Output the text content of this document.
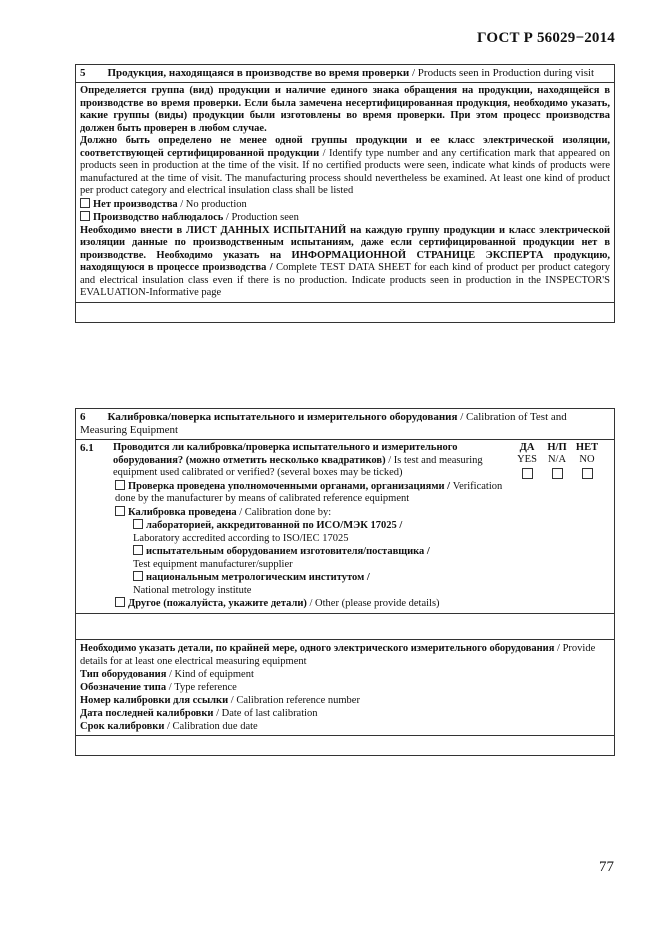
ГОСТ Р 56029−2014
5 Продукция, находящаяся в производстве во время проверки / Products seen in Production during visit

Определяется группа (вид) продукции и наличие единого знака обращения на продукции, находящейся в производстве во время проверки. Если была замечена несертифицированная продукция, необходимо указать, какие группы (виды) продукции были изготовлены во время проверки. При этом процесс производства должен быть проверен в любом случае.

Должно быть определено не менее одной группы продукции и ее класс электрической изоляции, соответствующей сертифицированной продукции / Identify type number and any certification mark that appeared on products seen in production at the time of the visit. If no certified products were seen, indicate what kinds of products were manufactured at the time of visit. The manufacturing process should nevertheless be examined. At least one kind of product per product category and electrical insulation class shall be listed

Нет производства / No production

Производство наблюдалось / Production seen

Необходимо внести в ЛИСТ ДАННЫХ ИСПЫТАНИЙ на каждую группу продукции и класс электрической изоляции данные по производственным испытаниям, даже если сертифицированной продукции нет в производстве. Необходимо указать на ИНФОРМАЦИОННОЙ СТРАНИЦЕ ЭКСПЕРТА продукцию, находящуюся в процессе производства / Complete TEST DATA SHEET for each kind of product per product category and electrical insulation class even if there is no production. Indicate products seen in production in the INSPECTOR'S EVALUATION-Informative page

6 Калибровка/поверка испытательного и измерительного оборудования / Calibration of Test and Measuring Equipment
6.1 Проводится ли калибровка/проверка испытательного и измерительного оборудования? (можно отметить несколько квадратиков) / Is test and measuring equipment used calibrated or verified? (several boxes may be ticked)
ДА
YES
Н/П
N/A
НЕТ
NO

Проверка проведена уполномоченными органами, организациями / Verification done by the manufacturer by means of calibrated reference equipment
Калибровка проведена / Calibration done by:
лабораторией, аккредитованной по ИСО/МЭК 17025 /
Laboratory accredited according to ISO/IEC 17025
испытательным оборудованием изготовителя/поставщика /
Test equipment manufacturer/supplier
национальным метрологическим институтом /
National metrology institute
Другое (пожалуйста, укажите детали) / Other (please provide details)
Необходимо указать детали, по крайней мере, одного электрического измерительного оборудования / Provide details for at least one electrical measuring equipment
Тип оборудования / Kind of equipment
Обозначение типа / Type reference
Номер калибровки для ссылки / Calibration reference number
Дата последней калибровки / Date of last calibration
Срок калибровки / Calibration due date
77
